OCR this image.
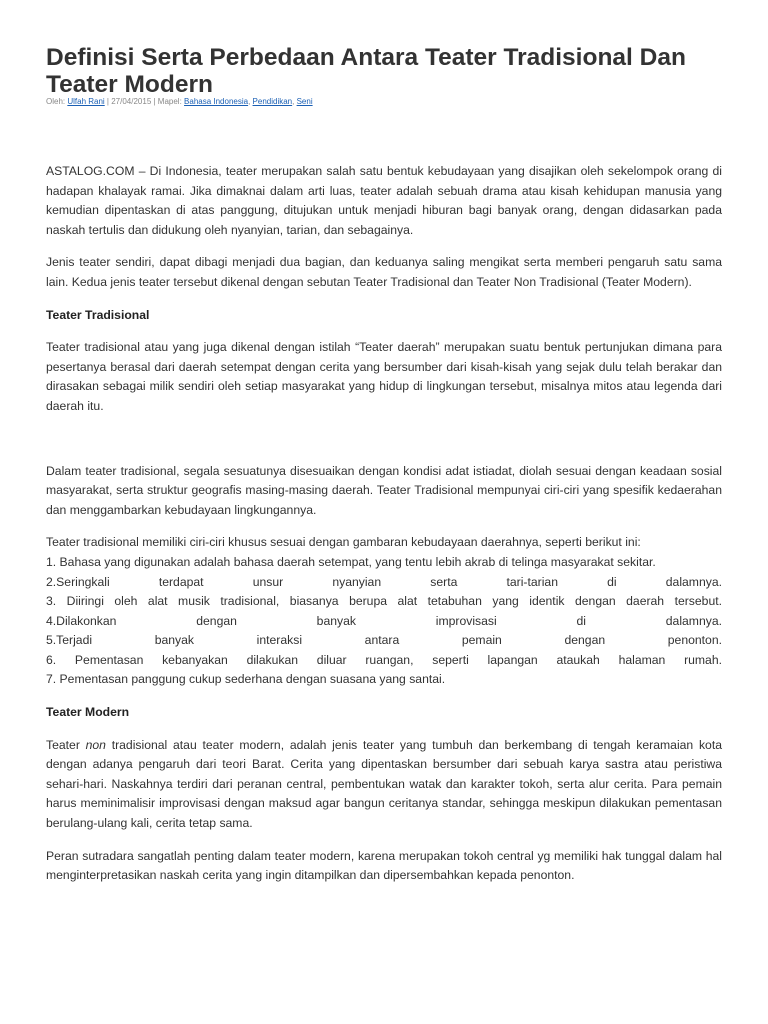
Definisi Serta Perbedaan Antara Teater Tradisional Dan Teater Modern
Oleh: Ulfah Rani | 27/04/2015 | Mapel: Bahasa Indonesia, Pendidikan, Seni

ASTALOG.COM – Di Indonesia, teater merupakan salah satu bentuk kebudayaan yang disajikan oleh sekelompok orang di hadapan khalayak ramai. Jika dimaknai dalam arti luas, teater adalah sebuah drama atau kisah kehidupan manusia yang kemudian dipentaskan di atas panggung, ditujukan untuk menjadi hiburan bagi banyak orang, dengan didasarkan pada naskah tertulis dan didukung oleh nyanyian, tarian, dan sebagainya.

Jenis teater sendiri, dapat dibagi menjadi dua bagian, dan keduanya saling mengikat serta memberi pengaruh satu sama lain. Kedua jenis teater tersebut dikenal dengan sebutan Teater Tradisional dan Teater Non Tradisional (Teater Modern).

Teater Tradisional

Teater tradisional atau yang juga dikenal dengan istilah “Teater daerah” merupakan suatu bentuk pertunjukan dimana para pesertanya berasal dari daerah setempat dengan cerita yang bersumber dari kisah-kisah yang sejak dulu telah berakar dan dirasakan sebagai milik sendiri oleh setiap masyarakat yang hidup di lingkungan tersebut, misalnya mitos atau legenda dari daerah itu.

Dalam teater tradisional, segala sesuatunya disesuaikan dengan kondisi adat istiadat, diolah sesuai dengan keadaan sosial masyarakat, serta struktur geografis masing-masing daerah. Teater Tradisional mempunyai ciri-ciri yang spesifik kedaerahan dan menggambarkan kebudayaan lingkungannya.

Teater tradisional memiliki ciri-ciri khusus sesuai dengan gambaran kebudayaan daerahnya, seperti berikut ini:
1. Bahasa yang digunakan adalah bahasa daerah setempat, yang tentu lebih akrab di telinga masyarakat sekitar.
2.Seringkali terdapat unsur nyanyian serta tari-tarian di dalamnya.
3. Diiringi oleh alat musik tradisional, biasanya berupa alat tetabuhan yang identik dengan daerah tersebut.
4.Dilakonkan dengan banyak improvisasi di dalamnya.
5.Terjadi banyak interaksi antara pemain dengan penonton.
6. Pementasan kebanyakan dilakukan diluar ruangan, seperti lapangan ataukah halaman rumah.
7. Pementasan panggung cukup sederhana dengan suasana yang santai.

Teater Modern

Teater non tradisional atau teater modern, adalah jenis teater yang tumbuh dan berkembang di tengah keramaian kota dengan adanya pengaruh dari teori Barat. Cerita yang dipentaskan bersumber dari sebuah karya sastra atau peristiwa sehari-hari. Naskahnya terdiri dari peranan central, pembentukan watak dan karakter tokoh, serta alur cerita. Para pemain harus meminimalisir improvisasi dengan maksud agar bangun ceritanya standar, sehingga meskipun dilakukan pementasan berulang-ulang kali, cerita tetap sama.

Peran sutradara sangatlah penting dalam teater modern, karena merupakan tokoh central yg memiliki hak tunggal dalam hal menginterpretasikan naskah cerita yang ingin ditampilkan dan dipersembahkan kepada penonton.
